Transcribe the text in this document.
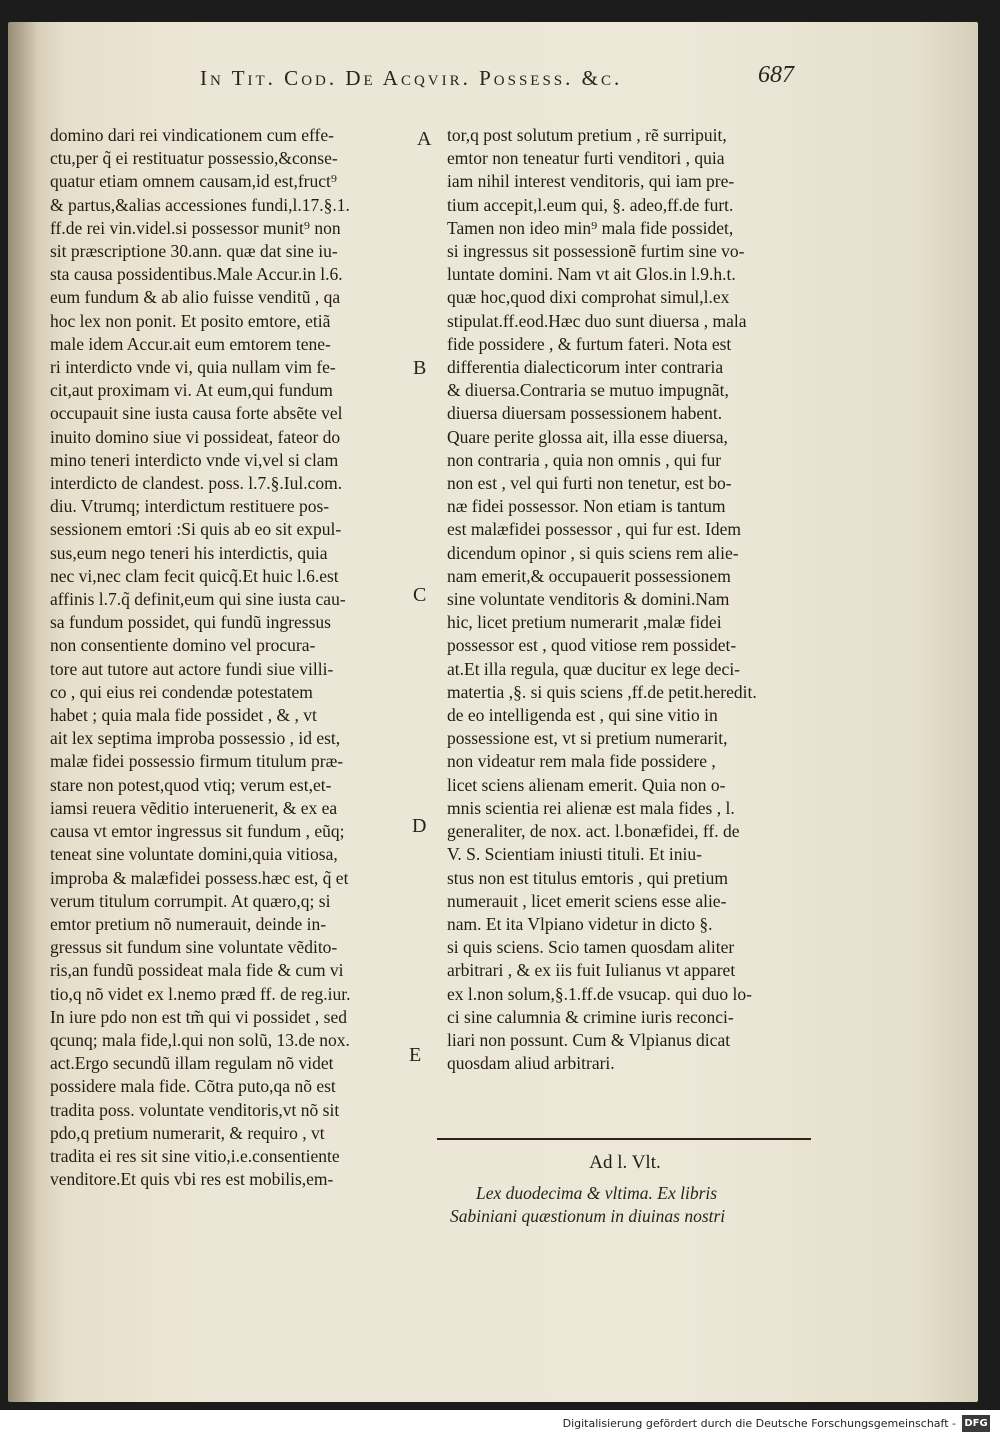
In Tit. Cod. De Acqvir. Possess. &c.	687
domino dari rei vindicationem cum effe-
ctu,per q̃ ei restituatur possessio,&conse-
quatur etiam omnem causam,id est,fruct⁹
& partus,&alias accessiones fundi,l.17.§.1.
ff.de rei vin.videl.si possessor munit⁹ non
sit præscriptione 30.ann. quæ dat sine iu-
sta causa possidentibus.Male Accur.in l.6.
eum fundum & ab alio fuisse venditũ , qa
hoc lex non ponit. Et posito emtore, etiã
male idem Accur.ait eum emtorem tene-
ri interdicto vnde vi, quia nullam vim fe-
cit,aut proximam vi. At eum,qui fundum
occupauit sine iusta causa forte absẽte vel
inuito domino siue vi possideat, fateor do
mino teneri interdicto vnde vi,vel si clam
interdicto de clandest. poss. l.7.§.Iul.com.
diu. Vtrumq; interdictum restituere pos-
sessionem emtori :Si quis ab eo sit expul-
sus,eum nego teneri his interdictis, quia
nec vi,nec clam fecit quicq̃.Et huic l.6.est
affinis l.7.q̃ definit,eum qui sine iusta cau-
sa fundum possidet, qui fundũ ingressus
non consentiente domino vel procura-
tore aut tutore aut actore fundi siue villi-
co , qui eius rei condendæ potestatem
habet ; quia mala fide possidet , & , vt
ait lex septima improba possessio , id est,
malæ fidei possessio firmum titulum præ-
stare non potest,quod vtiq; verum est,et-
iamsi reuera vẽditio interuenerit, & ex ea
causa vt emtor ingressus sit fundum , eũq;
teneat sine voluntate domini,quia vitiosa,
improba & malæfidei possess.hæc est, q̃ et
verum titulum corrumpit. At quæro,q; si
emtor pretium nõ numerauit, deinde in-
gressus sit fundum sine voluntate vẽdito-
ris,an fundũ possideat mala fide & cum vi
tio,q nõ videt ex l.nemo præd ff. de reg.iur.
In iure pdo non est tm̃ qui vi possidet , sed
qcunq; mala fide,l.qui non solũ, 13.de nox.
act.Ergo secundũ illam regulam nõ videt
possidere mala fide. Cõtra puto,qa nõ est
tradita poss. voluntate venditoris,vt nõ sit
pdo,q pretium numerarit, & requiro , vt
tradita ei res sit sine vitio,i.e.consentiente
venditore.Et quis vbi res est mobilis,em-
A
B
C
D
E
tor,q post solutum pretium , rẽ surripuit,
emtor non teneatur furti venditori , quia
iam nihil interest venditoris, qui iam pre-
tium accepit,l.eum qui, §. adeo,ff.de furt.
Tamen non ideo min⁹ mala fide possidet,
si ingressus sit possessionẽ furtim sine vo-
luntate domini. Nam vt ait Glos.in l.9.h.t.
quæ hoc,quod dixi comprohat simul,l.ex
stipulat.ff.eod.Hæc duo sunt diuersa , mala
fide possidere , & furtum fateri. Nota est
differentia dialecticorum inter contraria
& diuersa.Contraria se mutuo impugnãt,
diuersa diuersam possessionem habent.
Quare perite glossa ait, illa esse diuersa,
non contraria , quia non omnis , qui fur
non est , vel qui furti non tenetur, est bo-
næ fidei possessor. Non etiam is tantum
est malæfidei possessor , qui fur est. Idem
dicendum opinor , si quis sciens rem alie-
nam emerit,& occupauerit possessionem
sine voluntate venditoris & domini.Nam
hic, licet pretium numerarit ,malæ fidei
possessor est , quod vitiose rem possidet-
at.Et illa regula, quæ ducitur ex lege deci-
matertia ,§. si quis sciens ,ff.de petit.heredit.
de eo intelligenda est , qui sine vitio in
possessione est, vt si pretium numerarit,
non videatur rem mala fide possidere ,
licet sciens alienam emerit. Quia non o-
mnis scientia rei alienæ est mala fides , l.
generaliter, de nox. act. l.bonæfidei, ff. de
V. S. Scientiam iniusti tituli. Et iniu-
stus non est titulus emtoris , qui pretium
numerauit , licet emerit sciens esse alie-
nam. Et ita Vlpiano videtur in dicto §.
si quis sciens. Scio tamen quosdam aliter
arbitrari , & ex iis fuit Iulianus vt apparet
ex l.non solum,§.1.ff.de vsucap. qui duo lo-
ci sine calumnia & crimine iuris reconci-
liari non possunt. Cum & Vlpianus dicat
quosdam aliud arbitrari.
Ad l. Vlt.
Lex duodecima & vltima. Ex libris
Sabiniani quæstionum in diuinas nostri
Digitalisierung gefördert durch die Deutsche Forschungsgemeinschaft - DFG
